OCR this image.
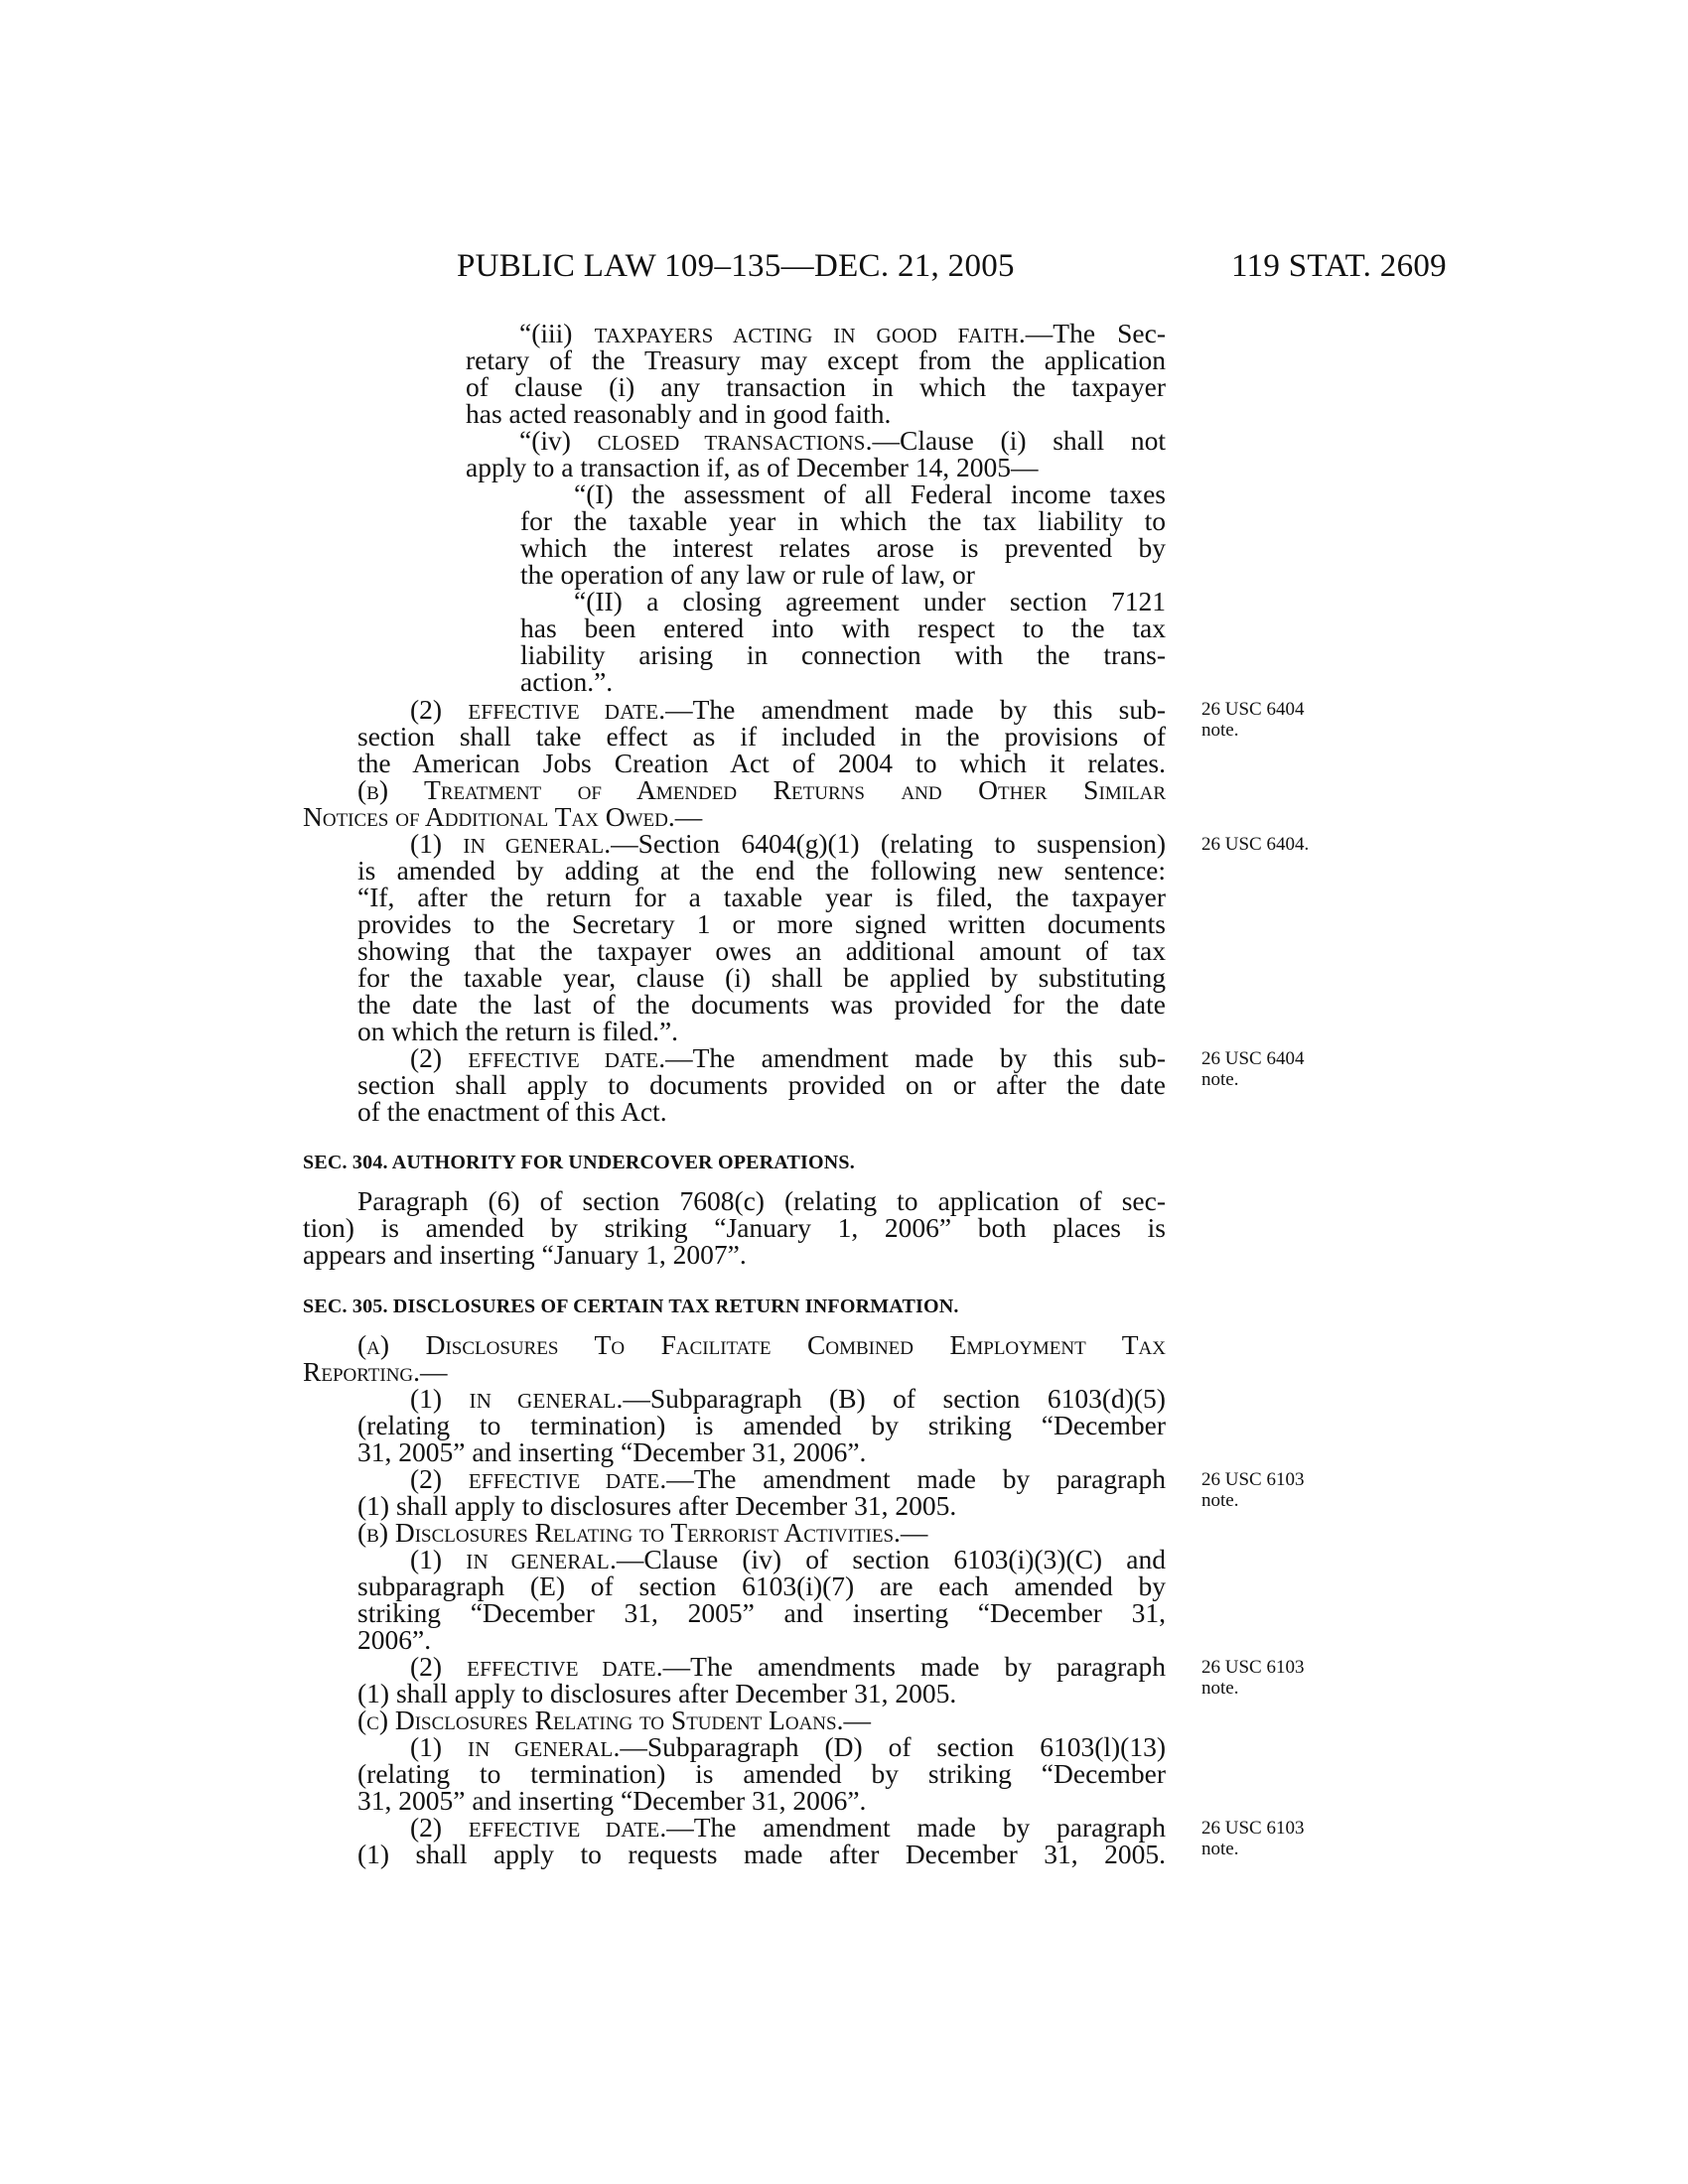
PUBLIC LAW 109–135—DEC. 21, 2005	119 STAT. 2609
“(iii) TAXPAYERS ACTING IN GOOD FAITH.—The Sec-
retary of the Treasury may except from the application
of clause (i) any transaction in which the taxpayer
has acted reasonably and in good faith.
“(iv) CLOSED TRANSACTIONS.—Clause (i) shall not
apply to a transaction if, as of December 14, 2005—
“(I) the assessment of all Federal income taxes
for the taxable year in which the tax liability to
which the interest relates arose is prevented by
the operation of any law or rule of law, or
“(II) a closing agreement under section 7121
has been entered into with respect to the tax
liability arising in connection with the trans-
action.”.
(2) EFFECTIVE DATE.—The amendment made by this sub-
section shall take effect as if included in the provisions of
the American Jobs Creation Act of 2004 to which it relates.
(b) Treatment of Amended Returns and Other Similar
Notices of Additional Tax Owed.—
(1) IN GENERAL.—Section 6404(g)(1) (relating to suspension)
is amended by adding at the end the following new sentence:
“If, after the return for a taxable year is filed, the taxpayer
provides to the Secretary 1 or more signed written documents
showing that the taxpayer owes an additional amount of tax
for the taxable year, clause (i) shall be applied by substituting
the date the last of the documents was provided for the date
on which the return is filed.”.
(2) EFFECTIVE DATE.—The amendment made by this sub-
section shall apply to documents provided on or after the date
of the enactment of this Act.
SEC. 304. AUTHORITY FOR UNDERCOVER OPERATIONS.
Paragraph (6) of section 7608(c) (relating to application of sec-
tion) is amended by striking “January 1, 2006” both places is
appears and inserting “January 1, 2007”.
SEC. 305. DISCLOSURES OF CERTAIN TAX RETURN INFORMATION.
(a) Disclosures To Facilitate Combined Employment Tax
Reporting.—
(1) IN GENERAL.—Subparagraph (B) of section 6103(d)(5)
(relating to termination) is amended by striking “December
31, 2005” and inserting “December 31, 2006”.
(2) EFFECTIVE DATE.—The amendment made by paragraph
(1) shall apply to disclosures after December 31, 2005.
(b) Disclosures Relating to Terrorist Activities.—
(1) IN GENERAL.—Clause (iv) of section 6103(i)(3)(C) and
subparagraph (E) of section 6103(i)(7) are each amended by
striking “December 31, 2005” and inserting “December 31,
2006”.
(2) EFFECTIVE DATE.—The amendments made by paragraph
(1) shall apply to disclosures after December 31, 2005.
(c) Disclosures Relating to Student Loans.—
(1) IN GENERAL.—Subparagraph (D) of section 6103(l)(13)
(relating to termination) is amended by striking “December
31, 2005” and inserting “December 31, 2006”.
(2) EFFECTIVE DATE.—The amendment made by paragraph
(1) shall apply to requests made after December 31, 2005.
26 USC 6404
note.
26 USC 6404.
26 USC 6404
note.
26 USC 6103
note.
26 USC 6103
note.
26 USC 6103
note.
